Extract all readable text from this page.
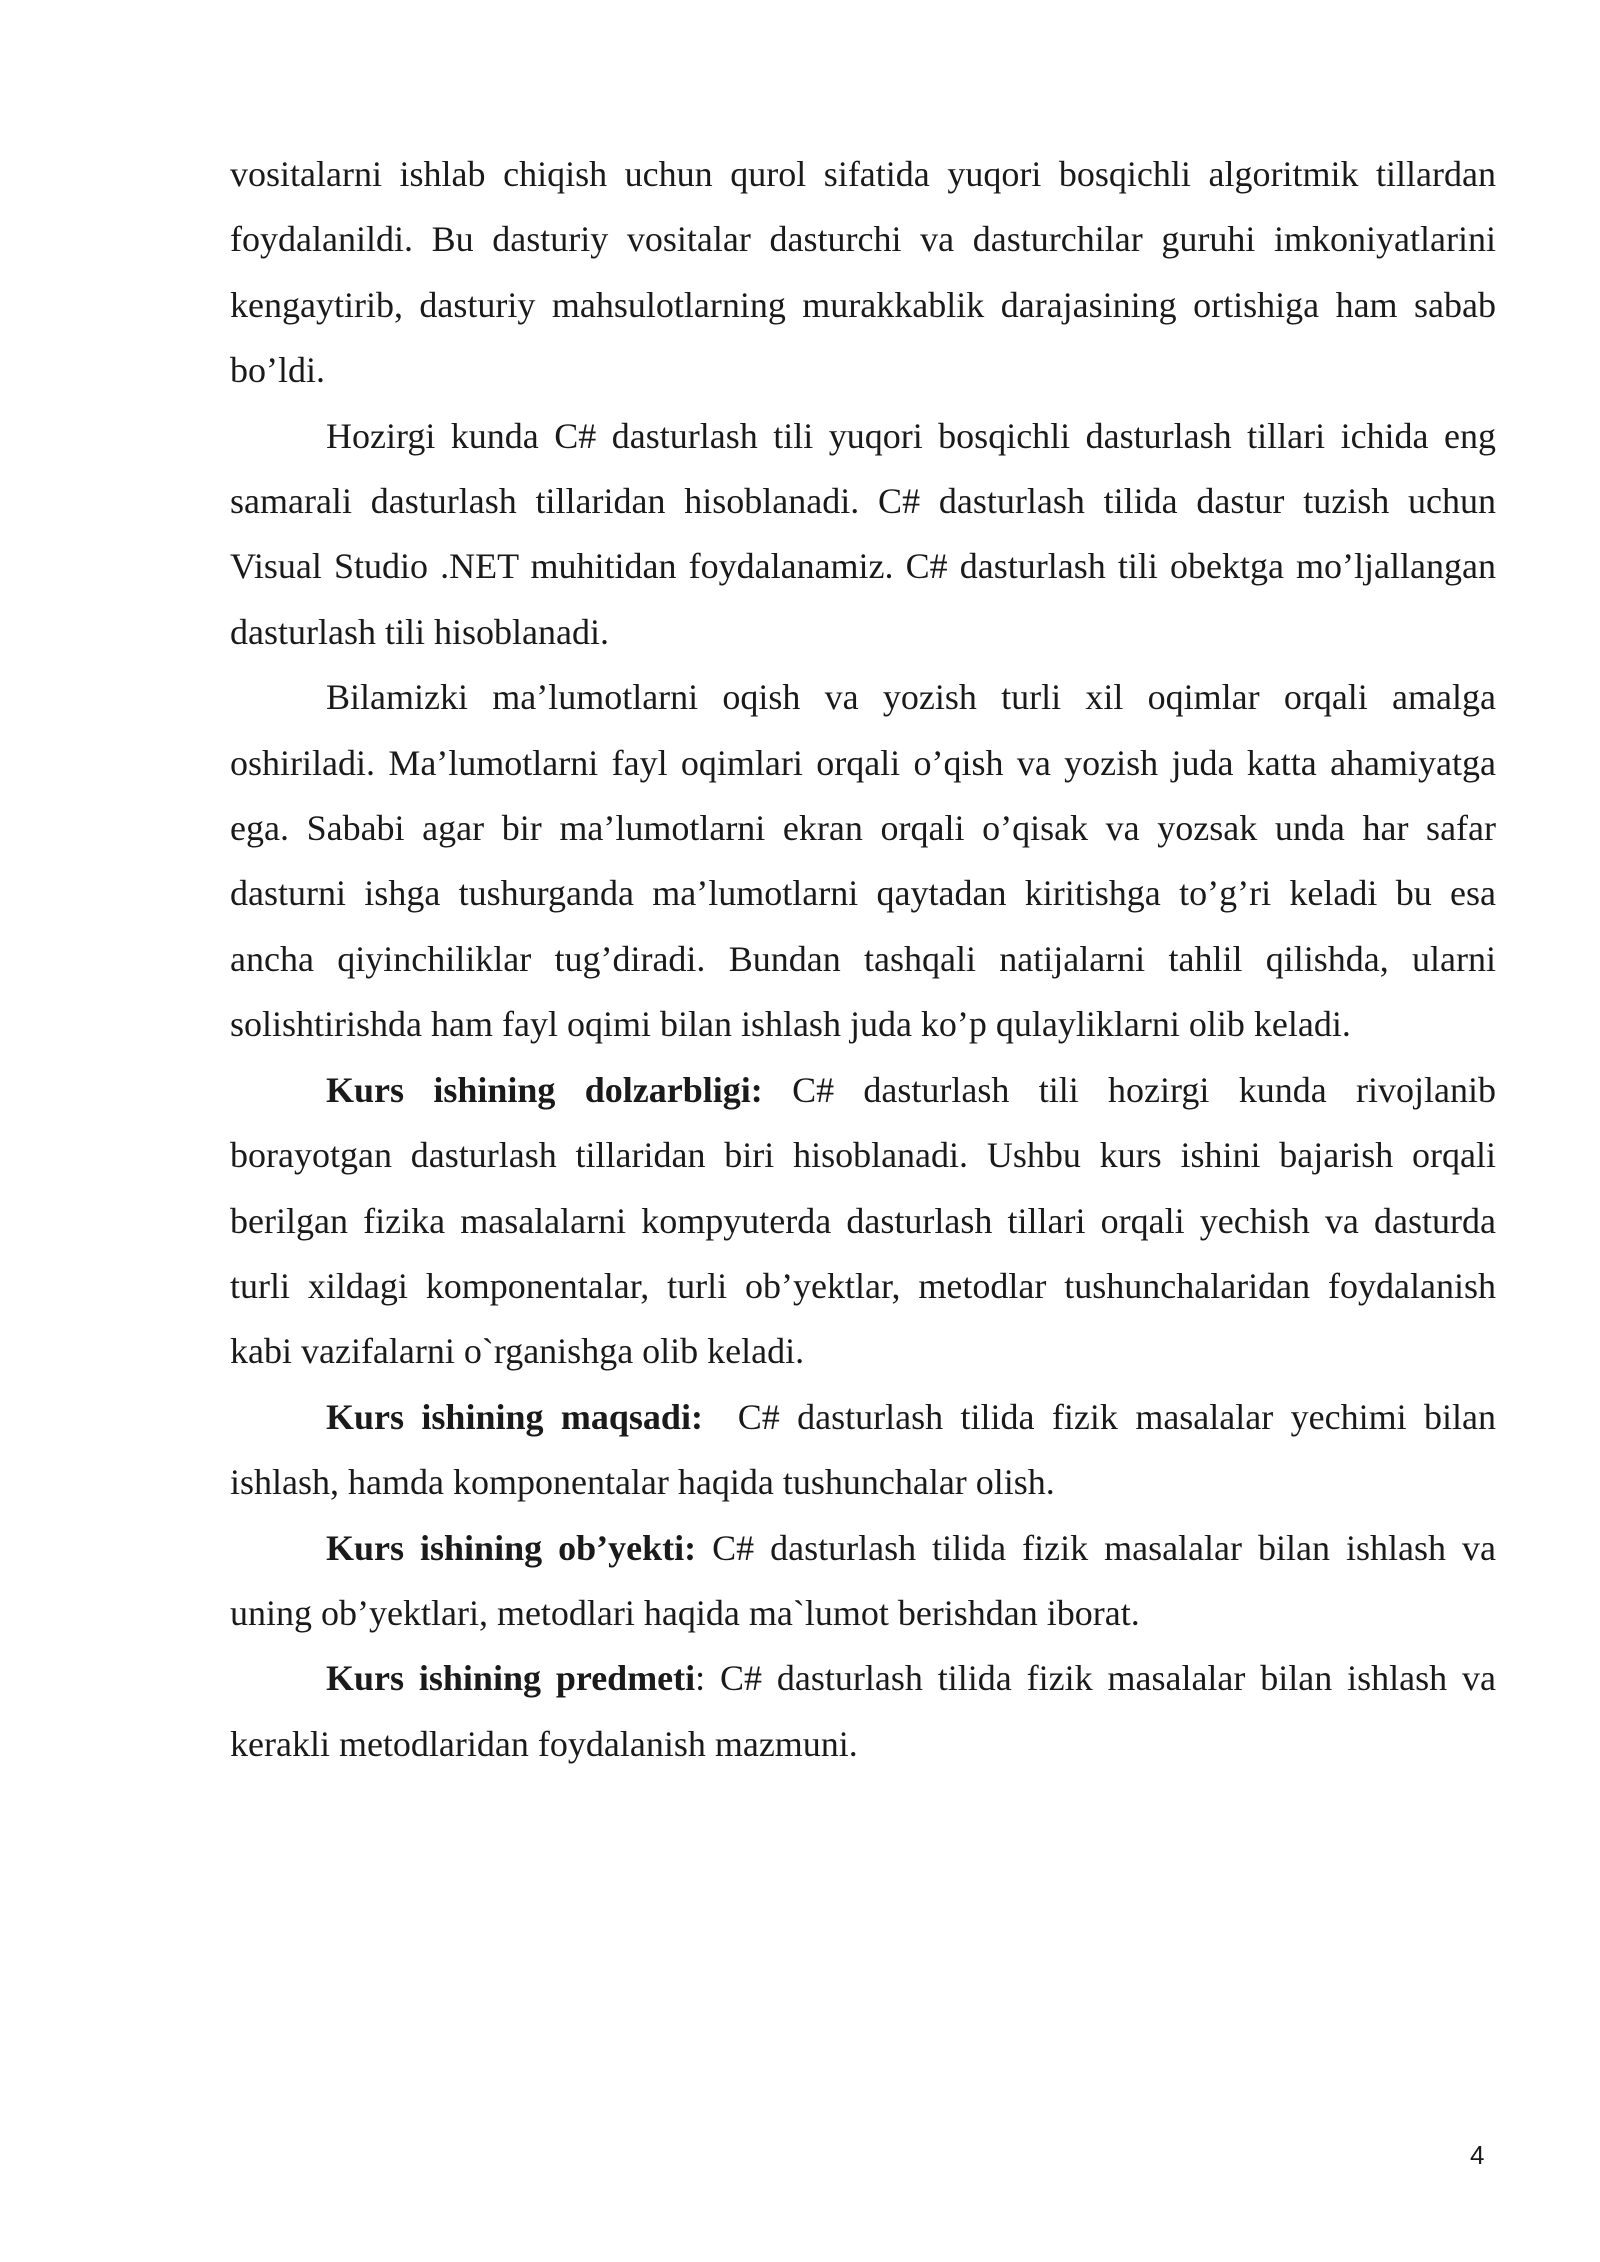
vositalarni ishlab chiqish uchun qurol sifatida yuqori bosqichli algoritmik tillardan foydalanildi. Bu dasturiy vositalar dasturchi va dasturchilar guruhi imkoniyatlarini kengaytirib, dasturiy mahsulotlarning murakkablik darajasining ortishiga ham sabab bo’ldi.

Hozirgi kunda C# dasturlash tili yuqori bosqichli dasturlash tillari ichida eng samarali dasturlash tillaridan hisoblanadi. C# dasturlash tilida dastur tuzish uchun Visual Studio .NET muhitidan foydalanamiz. C# dasturlash tili obektga mo’ljallangan dasturlash tili hisoblanadi.

Bilamizki ma’lumotlarni oqish va yozish turli xil oqimlar orqali amalga oshiriladi. Ma’lumotlarni fayl oqimlari orqali o’qish va yozish juda katta ahamiyatga ega. Sababi agar bir ma’lumotlarni ekran orqali o’qisak va yozsak unda har safar dasturni ishga tushurganda ma’lumotlarni qaytadan kiritishga to’g’ri keladi bu esa ancha qiyinchiliklar tug’diradi. Bundan tashqali natijalarni tahlil qilishda, ularni solishtirishda ham fayl oqimi bilan ishlash juda ko’p qulayliklarni olib keladi.

Kurs ishining dolzarbligi: C# dasturlash tili hozirgi kunda rivojlanib borayotgan dasturlash tillaridan biri hisoblanadi. Ushbu kurs ishini bajarish orqali berilgan fizika masalalarni kompyuterda dasturlash tillari orqali yechish va dasturda turli xildagi komponentalar, turli ob’yektlar, metodlar tushunchalaridan foydalanish kabi vazifalarni o`rganishga olib keladi.

Kurs ishining maqsadi:  C# dasturlash tilida fizik masalalar yechimi bilan ishlash, hamda komponentalar haqida tushunchalar olish.

Kurs ishining ob’yekti: C# dasturlash tilida fizik masalalar bilan ishlash va uning ob’yektlari, metodlari haqida ma`lumot berishdan iborat.

Kurs ishining predmeti: C# dasturlash tilida fizik masalalar bilan ishlash va kerakli metodlaridan foydalanish mazmuni.

4
